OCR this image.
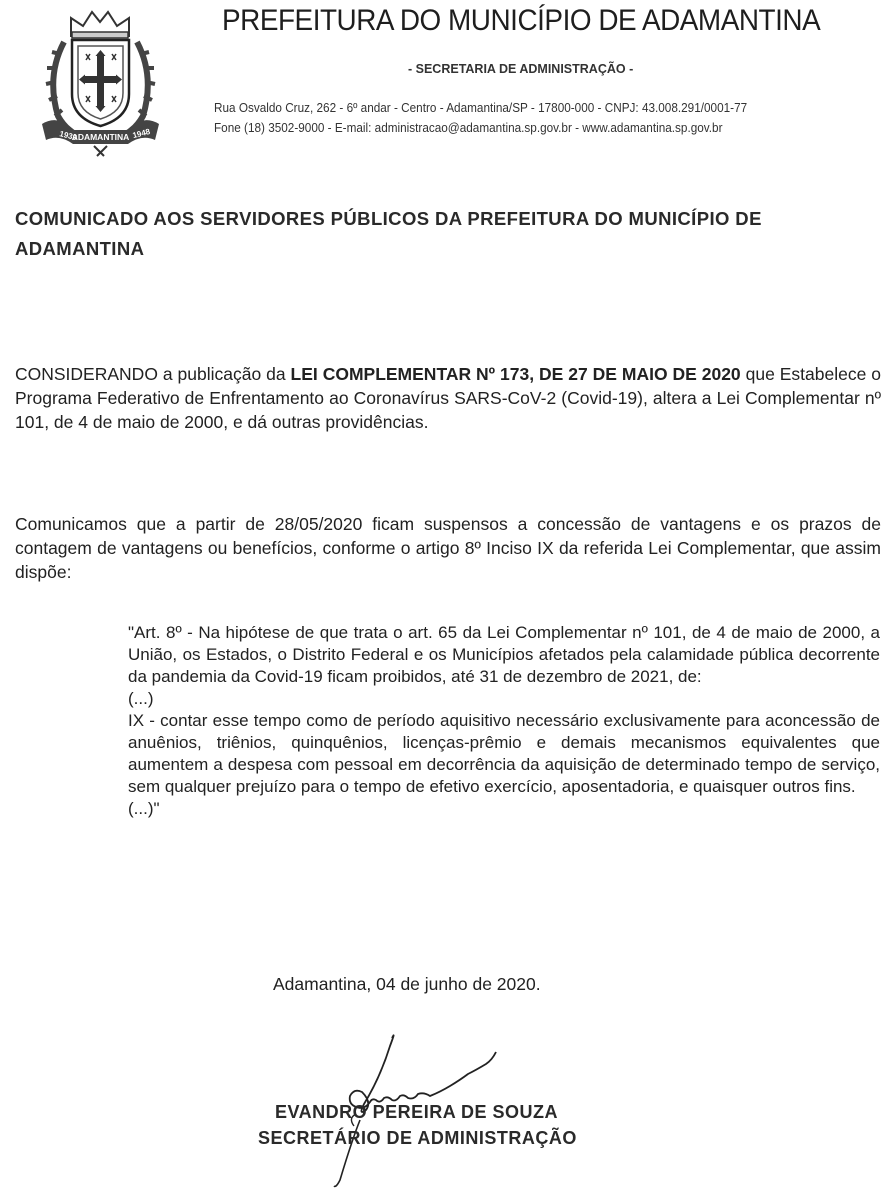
1939
ADAMANTINA 1948
PREFEITURA DO MUNICÍPIO DE ADAMANTINA
- SECRETARIA DE ADMINISTRAÇÃO -
Rua Osvaldo Cruz, 262 - 6º andar - Centro - Adamantina/SP - 17800-000 - CNPJ: 43.008.291/0001-77
Fone (18) 3502-9000 - E-mail: administracao@adamantina.sp.gov.br - www.adamantina.sp.gov.br
COMUNICADO AOS SERVIDORES PÚBLICOS DA PREFEITURA DO MUNICÍPIO DE ADAMANTINA
CONSIDERANDO a publicação da LEI COMPLEMENTAR Nº 173, DE 27 DE MAIO DE 2020 que Estabelece o Programa Federativo de Enfrentamento ao Coronavírus SARS-CoV-2 (Covid-19), altera a Lei Complementar nº 101, de 4 de maio de 2000, e dá outras providências.
Comunicamos que a partir de 28/05/2020 ficam suspensos a concessão de vantagens e os prazos de contagem de vantagens ou benefícios, conforme o artigo 8º Inciso IX da referida Lei Complementar, que assim dispõe:

"Art. 8º - Na hipótese de que trata o art. 65 da Lei Complementar nº 101, de 4 de maio de 2000, a União, os Estados, o Distrito Federal e os Municípios afetados pela calamidade pública decorrente da pandemia da Covid-19 ficam proibidos, até 31 de dezembro de 2021, de:

(...)

IX - contar esse tempo como de período aquisitivo necessário exclusivamente para aconcessão de anuênios, triênios, quinquênios, licenças-prêmio e demais mecanismos equivalentes que aumentem a despesa com pessoal em decorrência da aquisição de determinado tempo de serviço, sem qualquer prejuízo para o tempo de efetivo exercício, aposentadoria, e quaisquer outros fins.

(...)"

Adamantina, 04 de junho de 2020.
EVANDRO PEREIRA DE SOUZA
SECRETÁRIO DE ADMINISTRAÇÃO
